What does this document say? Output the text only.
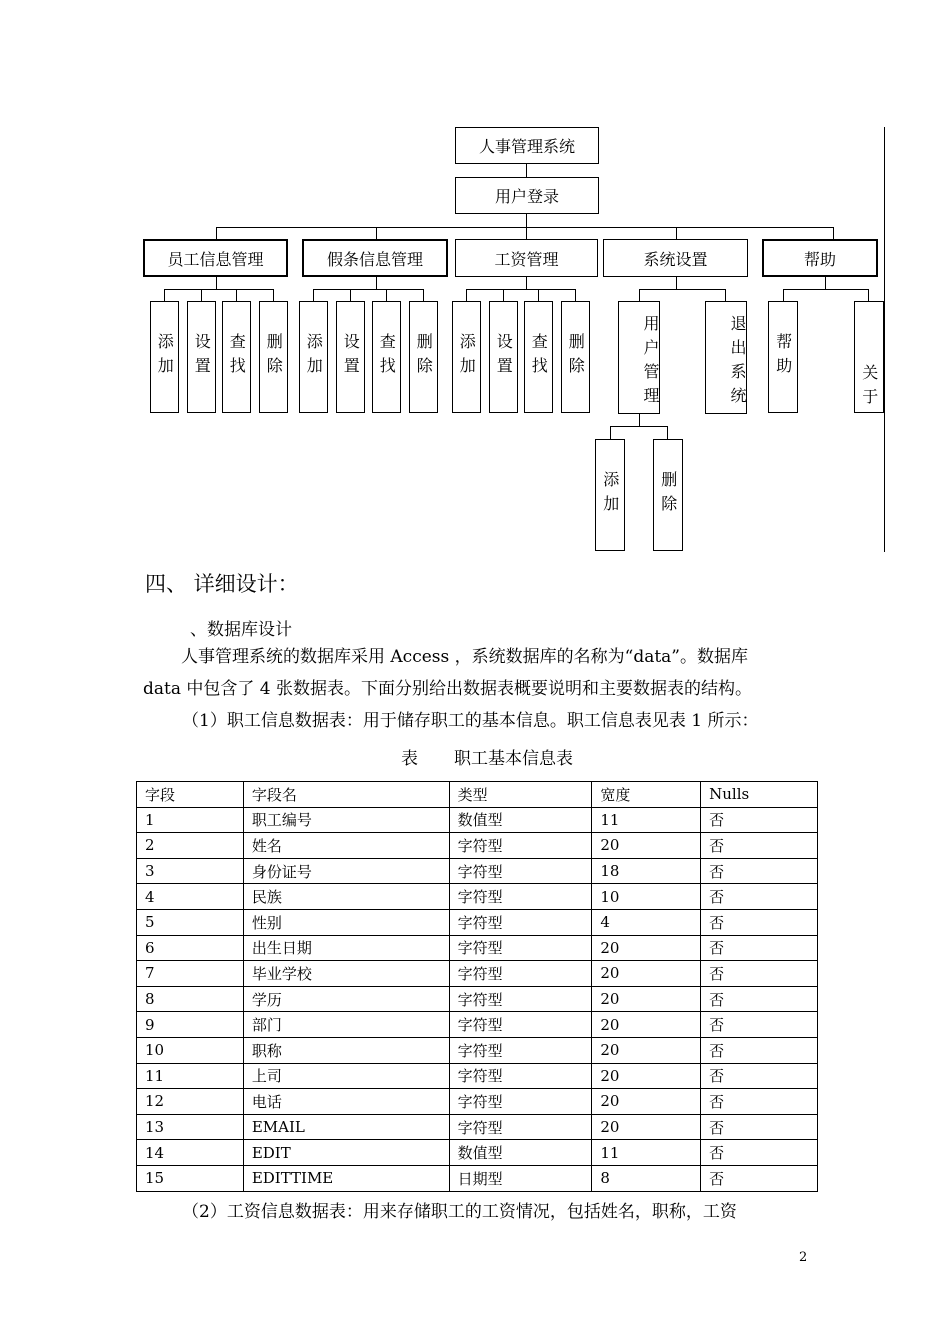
人事管理系统
用户登录
员工信息管理	假条信息管理	工资管理	系统设置	帮助
添加	设置	查找	删除	添加	设置	查找	删除	添加	设置	查找	删除	用户管理	退出系统
添加	删除
帮助
关于
四、 详细设计：
、数据库设计
人事管理系统的数据库采用 Access ，系统数据库的名称为“data”。数据库
data 中包含了 4 张数据表。下面分别给出数据表概要说明和主要数据表的结构。
（1）职工信息数据表：用于储存职工的基本信息。职工信息表见表 1 所示：
表 职工基本信息表
字段	字段名	类型	宽度	Nulls
1	职工编号	数值型	11	否
2	姓名	字符型	20	否
3	身份证号	字符型	18	否
4	民族	字符型	10	否
5	性别	字符型	4	否
6	出生日期	字符型	20	否
7	毕业学校	字符型	20	否
8	学历	字符型	20	否
9	部门	字符型	20	否
10	职称	字符型	20	否
11	上司	字符型	20	否
12	电话	字符型	20	否
13	EMAIL	字符型	20	否
14	EDIT	数值型	11	否
15	EDITTIME	日期型	8	否
（2）工资信息数据表：用来存储职工的工资情况，包括姓名，职称，工资
2
